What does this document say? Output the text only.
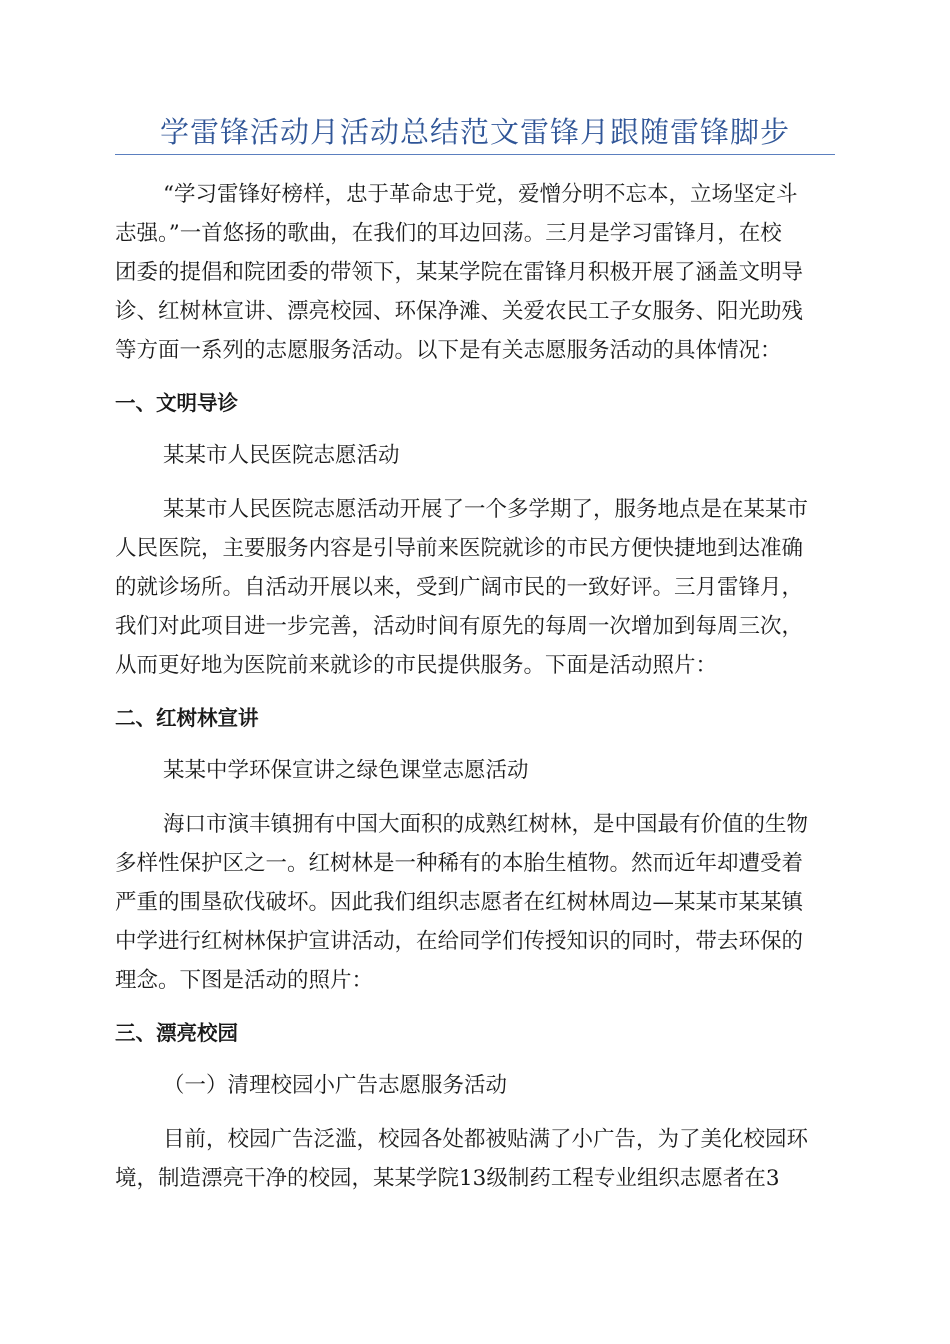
学雷锋活动月活动总结范文雷锋月跟随雷锋脚步
“学习雷锋好榜样，忠于革命忠于党，爱憎分明不忘本，立场坚定斗
志强。”一首悠扬的歌曲，在我们的耳边回荡。三月是学习雷锋月，在校
团委的提倡和院团委的带领下，某某学院在雷锋月积极开展了涵盖文明导
诊、红树林宣讲、漂亮校园、环保净滩、关爱农民工子女服务、阳光助残
等方面一系列的志愿服务活动。以下是有关志愿服务活动的具体情况：
一、文明导诊
某某市人民医院志愿活动
某某市人民医院志愿活动开展了一个多学期了，服务地点是在某某市
人民医院，主要服务内容是引导前来医院就诊的市民方便快捷地到达准确
的就诊场所。自活动开展以来，受到广阔市民的一致好评。三月雷锋月，
我们对此项目进一步完善，活动时间有原先的每周一次增加到每周三次，
从而更好地为医院前来就诊的市民提供服务。下面是活动照片：
二、红树林宣讲
某某中学环保宣讲之绿色课堂志愿活动
海口市演丰镇拥有中国大面积的成熟红树林，是中国最有价值的生物
多样性保护区之一。红树林是一种稀有的本胎生植物。然而近年却遭受着
严重的围垦砍伐破坏。因此我们组织志愿者在红树林周边—某某市某某镇
中学进行红树林保护宣讲活动，在给同学们传授知识的同时，带去环保的
理念。下图是活动的照片：
三、漂亮校园
（一）清理校园小广告志愿服务活动
目前，校园广告泛滥，校园各处都被贴满了小广告，为了美化校园环
境，制造漂亮干净的校园，某某学院13级制药工程专业组织志愿者在3
